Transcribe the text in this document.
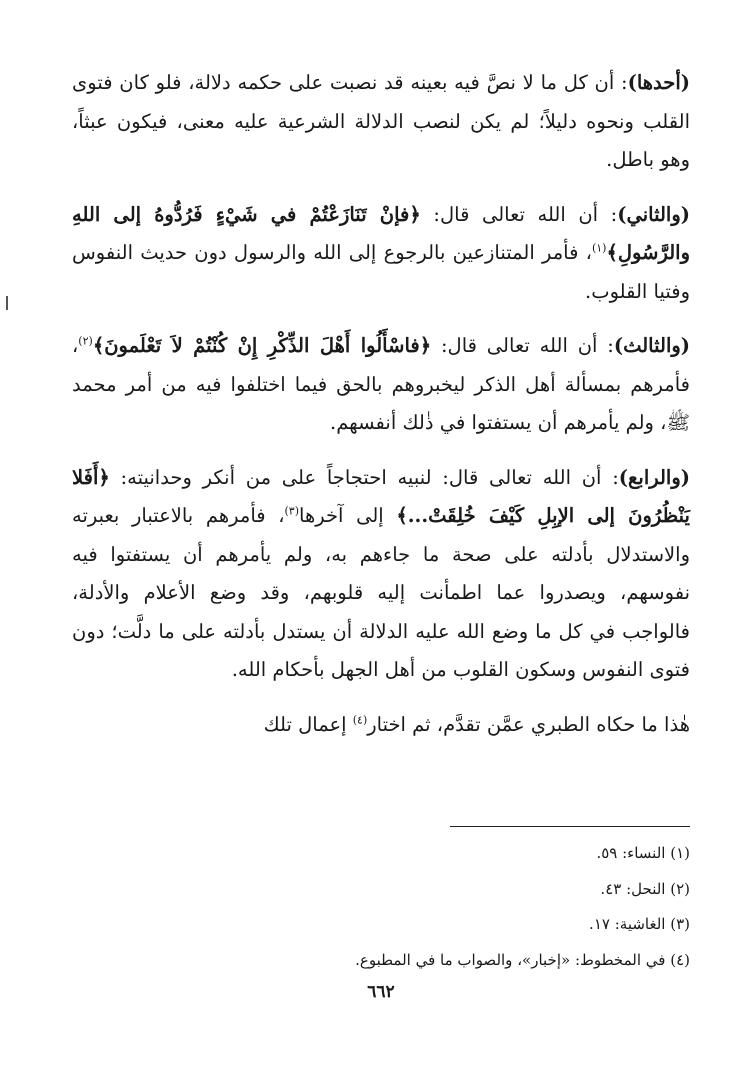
(أحدها): أن كل ما لا نصَّ فيه بعينه قد نصبت على حكمه دلالة، فلو كان فتوى القلب ونحوه دليلاً؛ لم يكن لنصب الدلالة الشرعية عليه معنى، فيكون عبثاً، وهو باطل.

(والثاني): أن الله تعالى قال: ﴿فإنْ تَنَازَعْتُمْ في شَيْءٍ فَرُدُّوهُ إلى اللهِ والرَّسُولِ﴾$^{(١)}$، فأمر المتنازعين بالرجوع إلى الله والرسول دون حديث النفوس وفتيا القلوب.

(والثالث): أن الله تعالى قال: ﴿فاسْأَلُوا أَهْلَ الذِّكْرِ إِنْ كُنْتُمْ لاَ تَعْلَمونَ﴾$^{(٢)}$، فأمرهم بمسألة أهل الذكر ليخبروهم بالحق فيما اختلفوا فيه من أمر محمد ﷺ، ولم يأمرهم أن يستفتوا في ذٰلك أنفسهم.

(والرابع): أن الله تعالى قال: لنبيه احتجاجاً على من أنكر وحدانيته: ﴿أَفَلا يَنْظُرُونَ إلى الإبِلِ كَيْفَ خُلِقَتْ...﴾ إلى آخرها$^{(٣)}$، فأمرهم بالاعتبار بعبرته والاستدلال بأدلته على صحة ما جاءهم به، ولم يأمرهم أن يستفتوا فيه نفوسهم، ويصدروا عما اطمأنت إليه قلوبهم، وقد وضع الأعلام والأدلة، فالواجب في كل ما وضع الله عليه الدلالة أن يستدل بأدلته على ما دلَّت؛ دون فتوى النفوس وسكون القلوب من أهل الجهل بأحكام الله.

هٰذا ما حكاه الطبري عمَّن تقدَّم، ثم اختار$^{(٤)}$ إعمال تلك

(١) النساء: ٥٩.

(٢) النحل: ٤٣.

(٣) الغاشية: ١٧.

(٤) في المخطوط: «إخبار»، والصواب ما في المطبوع.

٦٦٢
